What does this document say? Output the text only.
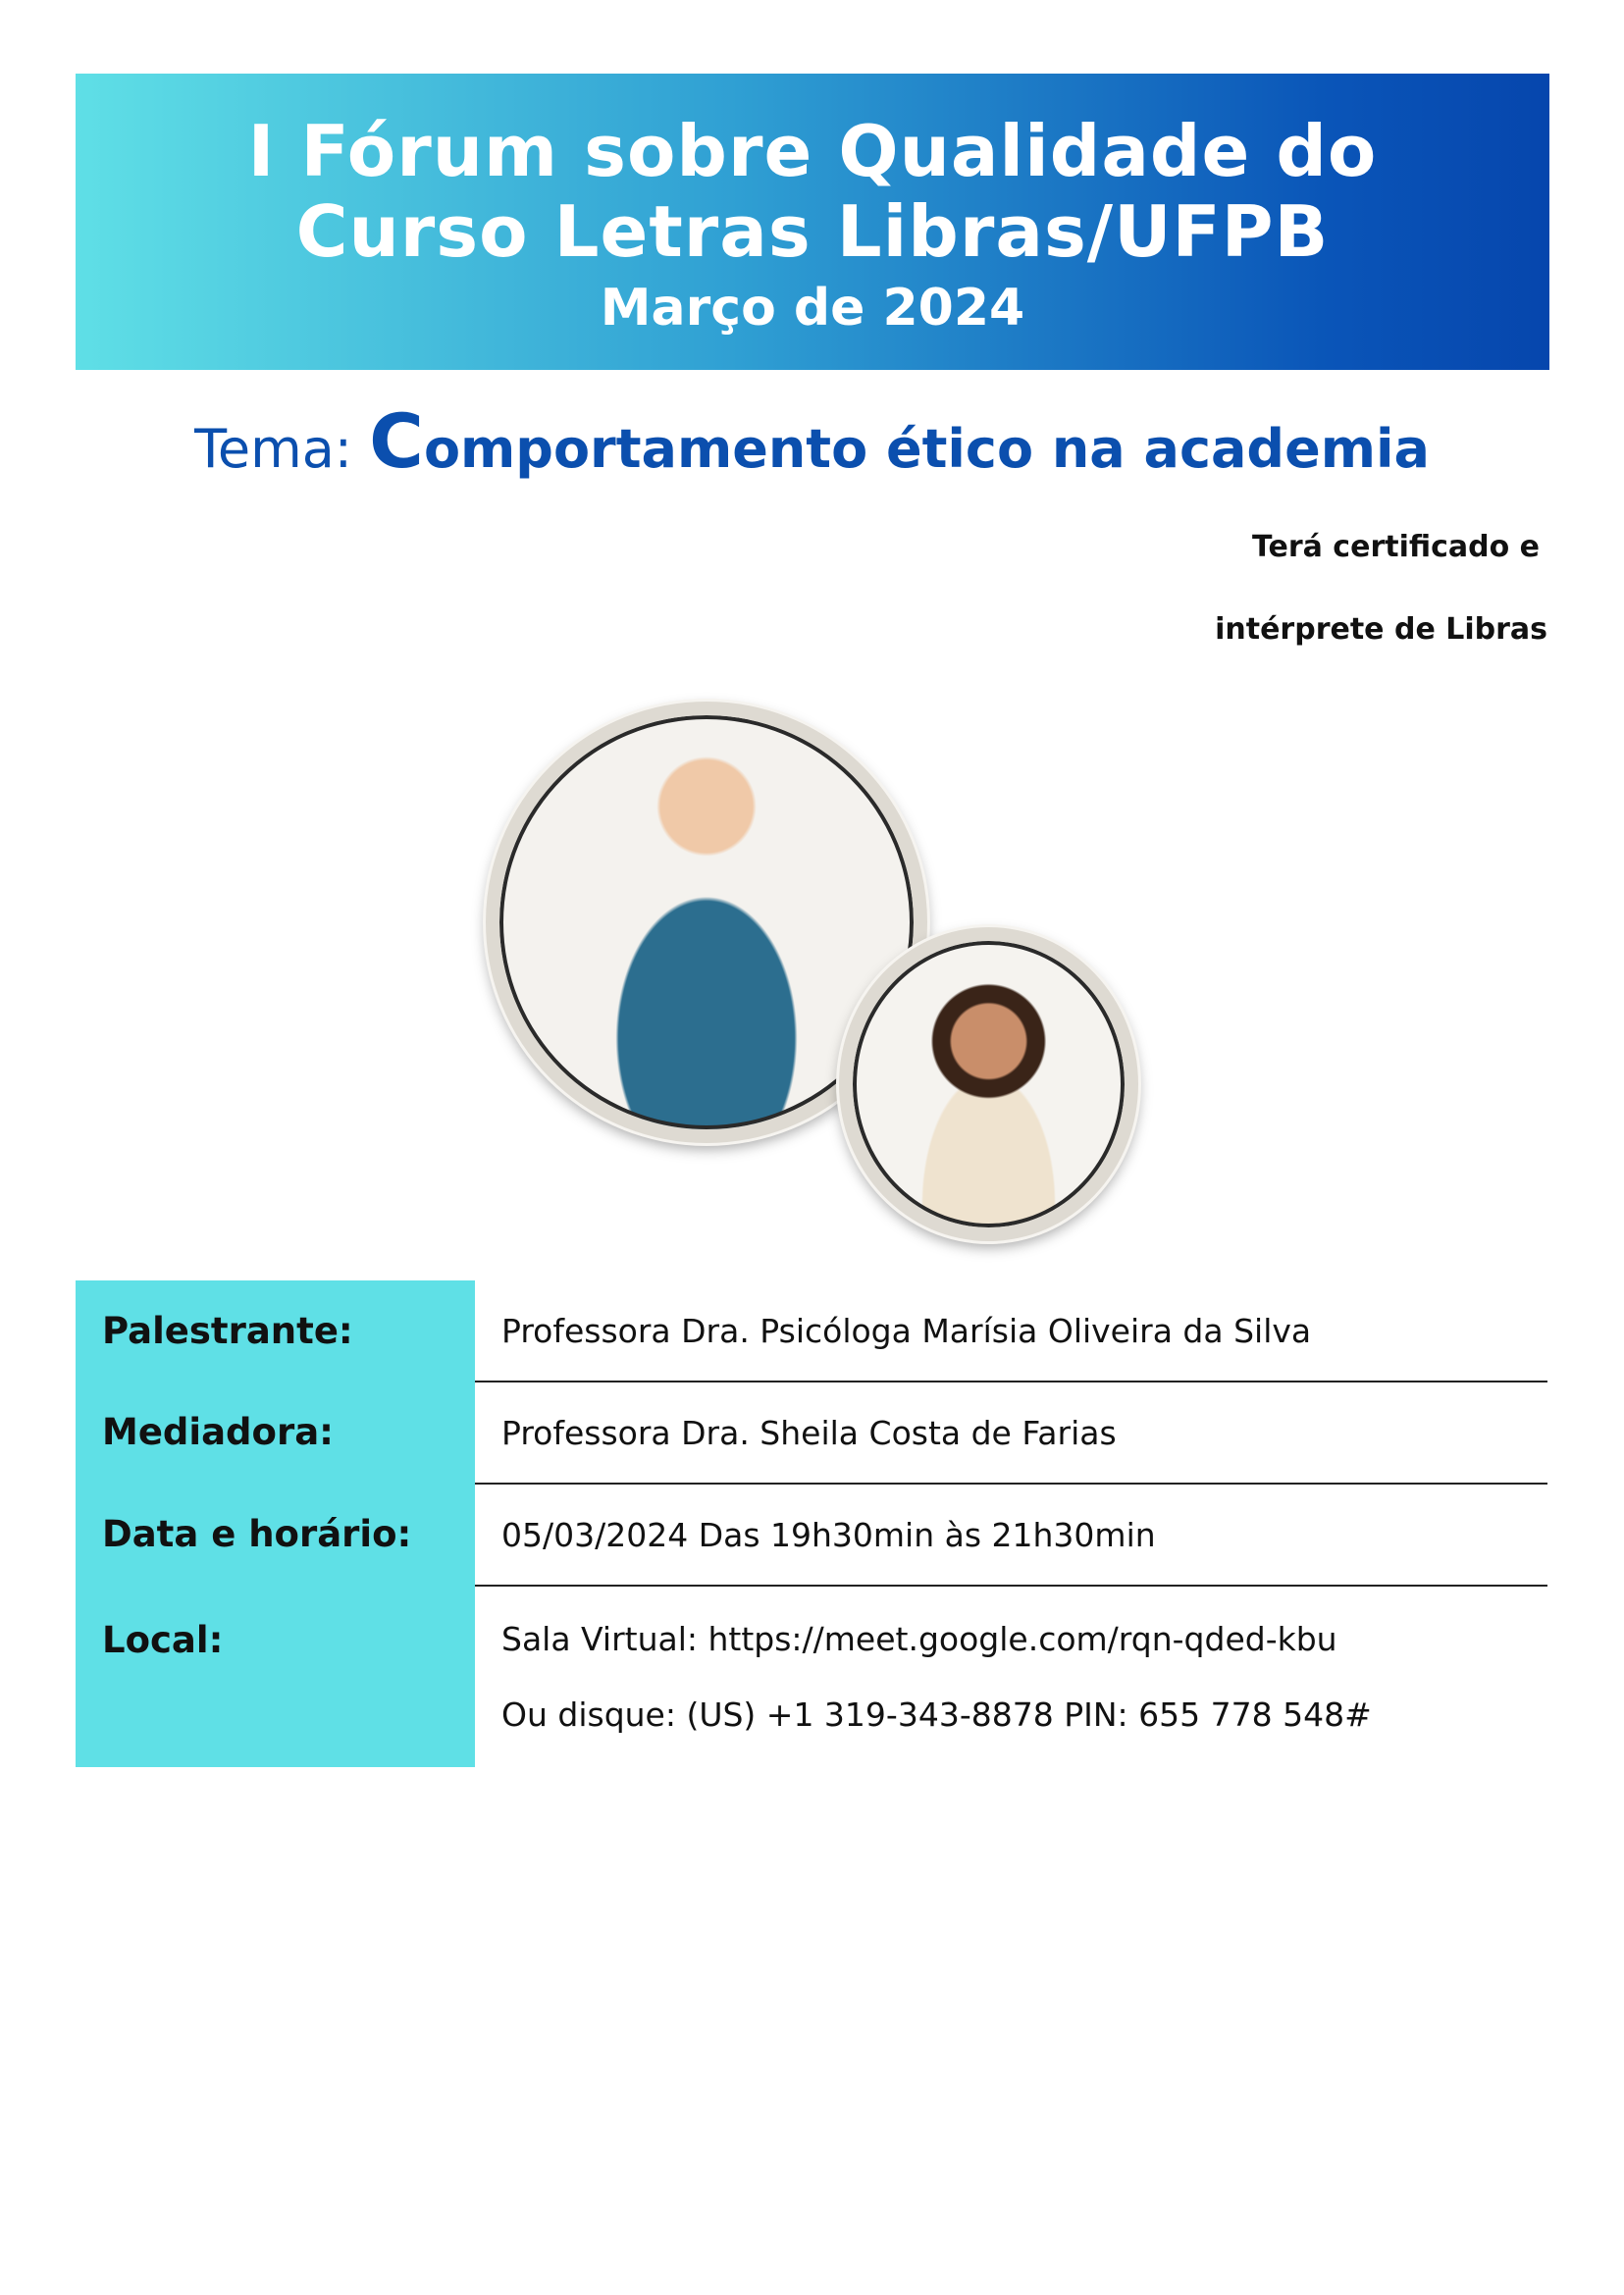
I Fórum sobre Qualidade do
Curso Letras Libras/UFPB
Março de 2024
Tema: Comportamento ético na academia
Terá certificado e
intérprete de Libras
Palestrante:	Professora Dra. Psicóloga Marísia Oliveira da Silva

Mediadora:	Professora Dra. Sheila Costa de Farias

Data e horário:	05/03/2024 Das 19h30min às 21h30min

Local:	Sala Virtual: https://meet.google.com/rqn-qded-kbu
Ou disque: (US) +1 319-343-8878 PIN: 655 778 548#
